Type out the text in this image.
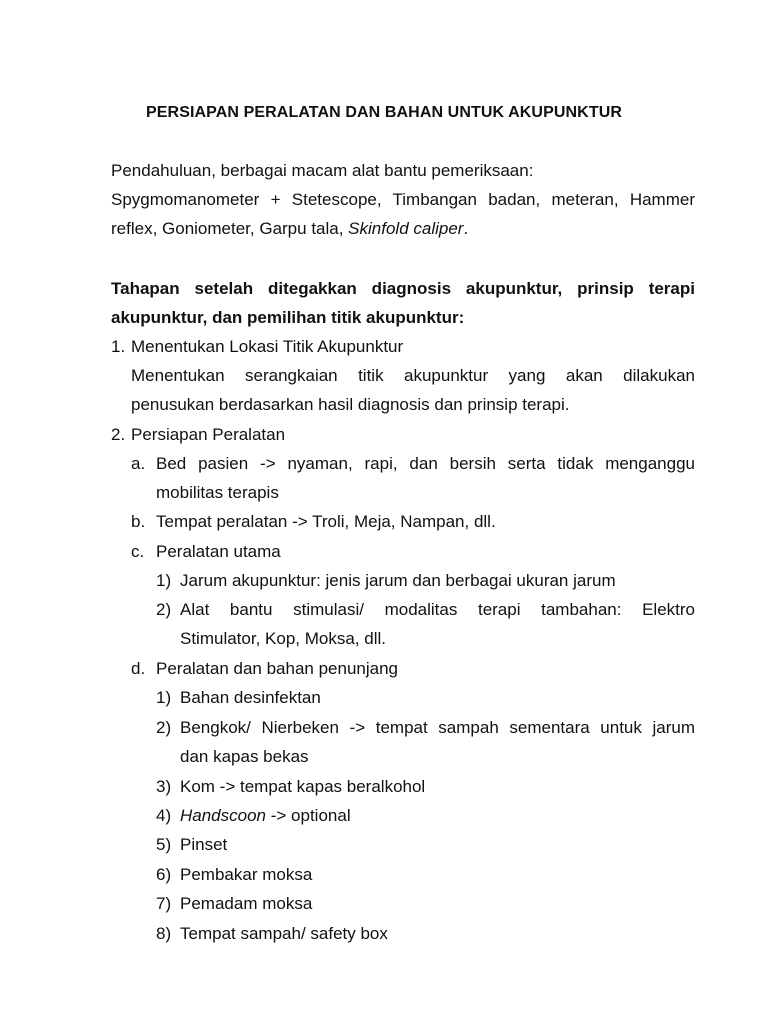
PERSIAPAN PERALATAN DAN BAHAN UNTUK AKUPUNKTUR
Pendahuluan, berbagai macam alat bantu pemeriksaan:
Spygmomanometer + Stetescope, Timbangan badan, meteran, Hammer
reflex, Goniometer, Garpu tala, Skinfold caliper.
Tahapan setelah ditegakkan diagnosis akupunktur, prinsip terapi
akupunktur, dan pemilihan titik akupunktur:
1. Menentukan Lokasi Titik Akupunktur
Menentukan serangkaian titik akupunktur yang akan dilakukan
penusukan berdasarkan hasil diagnosis dan prinsip terapi.
2. Persiapan Peralatan
a. Bed pasien -> nyaman, rapi, dan bersih serta tidak menganggu
mobilitas terapis
b. Tempat peralatan -> Troli, Meja, Nampan, dll.
c. Peralatan utama
1) Jarum akupunktur: jenis jarum dan berbagai ukuran jarum
2) Alat bantu stimulasi/ modalitas terapi tambahan: Elektro
Stimulator, Kop, Moksa, dll.
d. Peralatan dan bahan penunjang
1) Bahan desinfektan
2) Bengkok/ Nierbeken -> tempat sampah sementara untuk jarum
dan kapas bekas
3) Kom -> tempat kapas beralkohol
4) Handscoon -> optional
5) Pinset
6) Pembakar moksa
7) Pemadam moksa
8) Tempat sampah/ safety box
